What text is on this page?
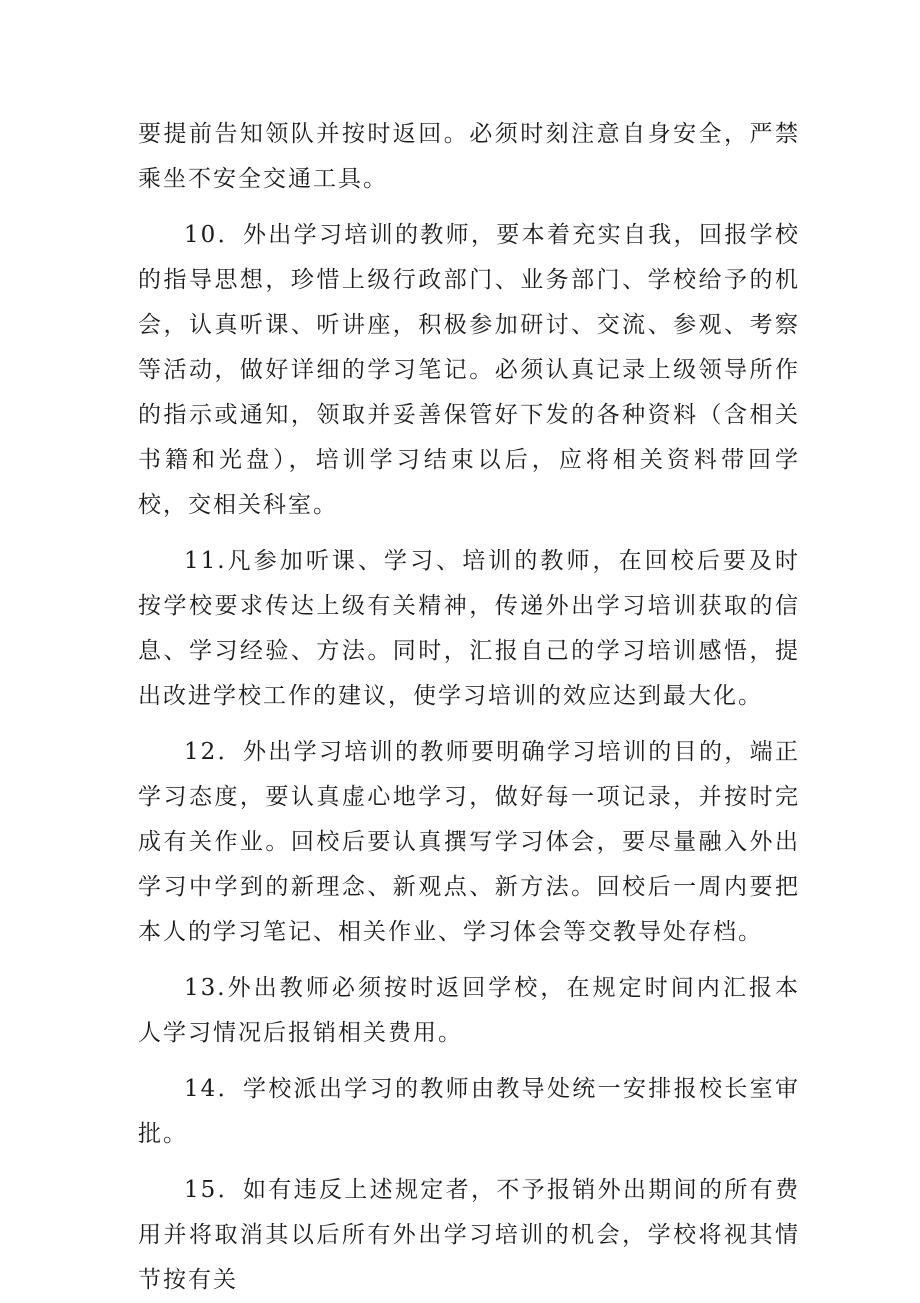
要提前告知领队并按时返回。必须时刻注意自身安全，严禁乘坐不安全交通工具。

10．外出学习培训的教师，要本着充实自我，回报学校的指导思想，珍惜上级行政部门、业务部门、学校给予的机会，认真听课、听讲座，积极参加研讨、交流、参观、考察等活动，做好详细的学习笔记。必须认真记录上级领导所作的指示或通知，领取并妥善保管好下发的各种资料（含相关书籍和光盘），培训学习结束以后，应将相关资料带回学校，交相关科室。

11.凡参加听课、学习、培训的教师，在回校后要及时按学校要求传达上级有关精神，传递外出学习培训获取的信息、学习经验、方法。同时，汇报自己的学习培训感悟，提出改进学校工作的建议，使学习培训的效应达到最大化。

12．外出学习培训的教师要明确学习培训的目的，端正学习态度，要认真虚心地学习，做好每一项记录，并按时完成有关作业。回校后要认真撰写学习体会，要尽量融入外出学习中学到的新理念、新观点、新方法。回校后一周内要把本人的学习笔记、相关作业、学习体会等交教导处存档。

13.外出教师必须按时返回学校，在规定时间内汇报本人学习情况后报销相关费用。

14．学校派出学习的教师由教导处统一安排报校长室审批。

15．如有违反上述规定者，不予报销外出期间的所有费用并将取消其以后所有外出学习培训的机会，学校将视其情节按有关
